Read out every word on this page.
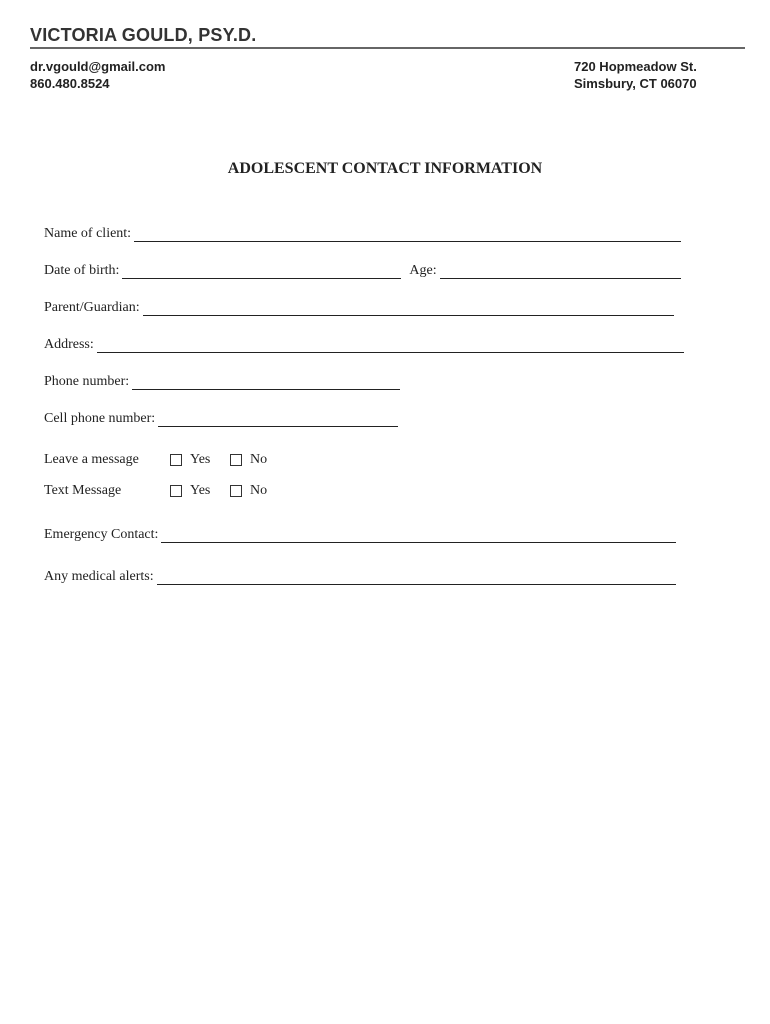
VICTORIA GOULD, PSY.D.
dr.vgould@gmail.com
860.480.8524
720 Hopmeadow St.
Simsbury, CT 06070
ADOLESCENT CONTACT INFORMATION
Name of client:
Date of birth:	Age:
Parent/Guardian:
Address:
Phone number:
Cell phone number:
Leave a message	Yes	No
Text Message	Yes	No
Emergency Contact:
Any medical alerts:
